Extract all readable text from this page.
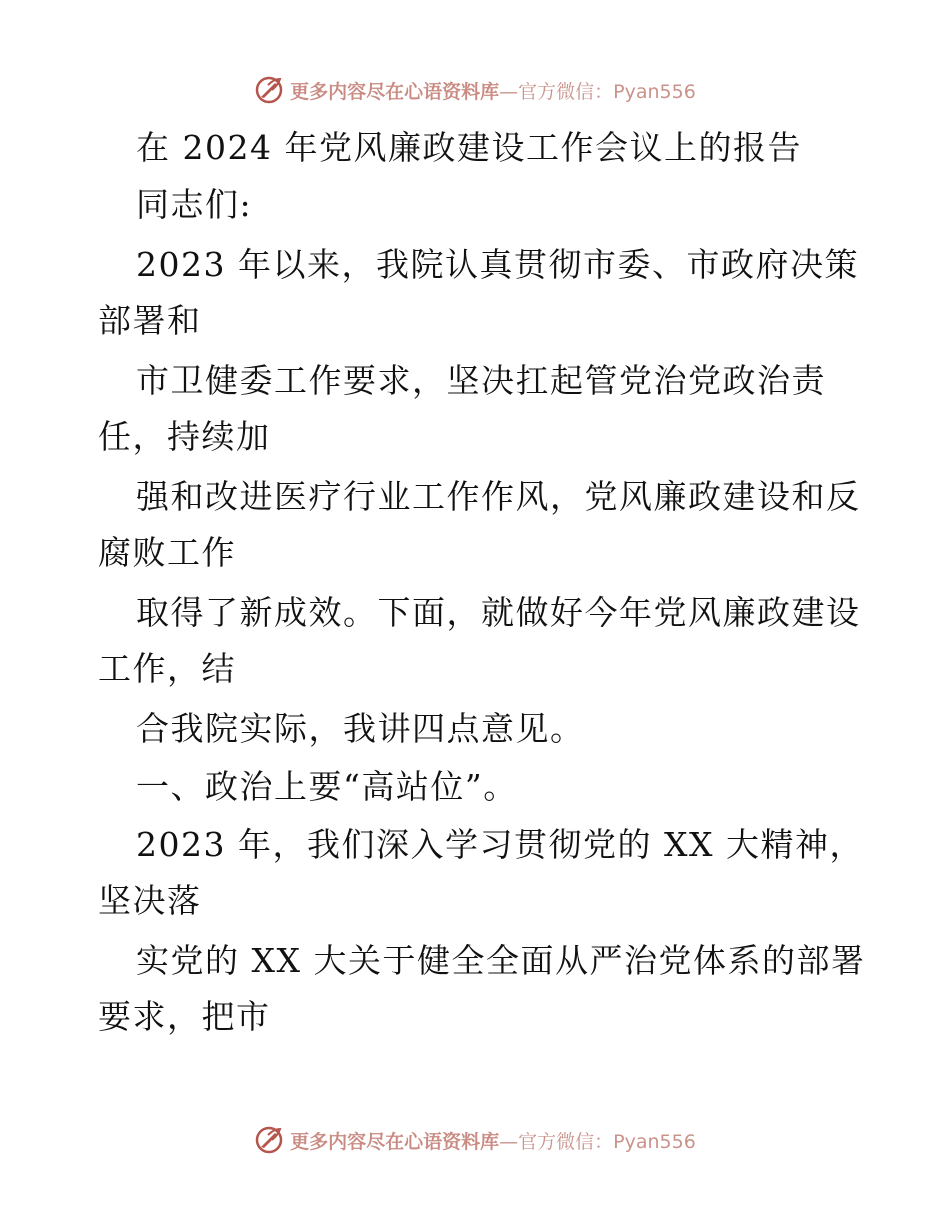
更多内容尽在心语资料库—官方微信：Pyan556
在 2024 年党风廉政建设工作会议上的报告
同志们:
2023 年以来，我院认真贯彻市委、市政府决策
部署和
市卫健委工作要求，坚决扛起管党治党政治责
任，持续加
强和改进医疗行业工作作风，党风廉政建设和反
腐败工作
取得了新成效。下面，就做好今年党风廉政建设
工作，结
合我院实际，我讲四点意见。
一、政治上要“高站位”。
2023 年，我们深入学习贯彻党的 XX 大精神，
坚决落
实党的 XX 大关于健全全面从严治党体系的部署
要求，把市
更多内容尽在心语资料库—官方微信：Pyan556
